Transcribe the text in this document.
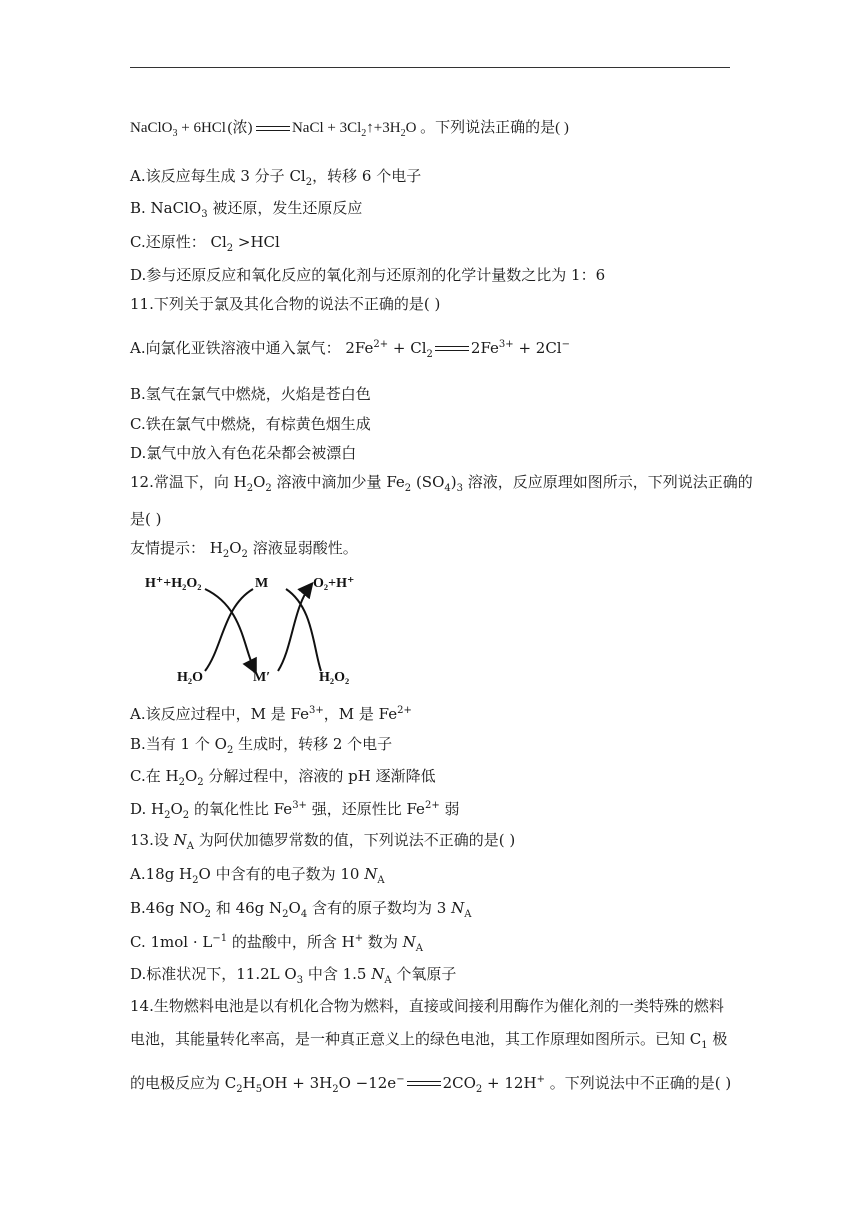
NaClO$_3$ + 6HCl(浓)	NaCl + $3Cl_2↑+3H_2O$ 。下列说法正确的是( )
A.该反应每生成 3 分子 $Cl_2$，转移 6 个电子
B. NaClO$_3$ 被还原，发生还原反应
C.还原性： $Cl_2 >HCl$
D.参与还原反应和氧化反应的氧化剂与还原剂的化学计量数之比为 1：6
11.下列关于氯及其化合物的说法不正确的是( )
A.向氯化亚铁溶液中通入氯气： $2Fe^{2+} + Cl_2$	$2Fe^{3+} + 2Cl^-$
B.氢气在氯气中燃烧，火焰是苍白色
C.铁在氯气中燃烧，有棕黄色烟生成
D.氯气中放入有色花朵都会被漂白
12.常温下，向 $H_2O_2$ 溶液中滴加少量 $Fe_2$ $(SO_4)_3$ 溶液，反应原理如图所示，下列说法正确的
是( )
友情提示： $H_2O_2$ 溶液显弱酸性。
H⁺+H₂O₂	M	O₂+H⁺
H₂O	M′	H₂O₂
A.该反应过程中，M 是 $Fe^{3+}$，M 是 $Fe^{2+}$
B.当有 1 个 $O_2$ 生成时，转移 2 个电子
C.在 $H_2O_2$ 分解过程中，溶液的 pH 逐渐降低
D. $H_2O_2$ 的氧化性比 $Fe^{3+}$ 强，还原性比 $Fe^{2+}$ 弱
13.设 $N_A$ 为阿伏加德罗常数的值，下列说法不正确的是( )
A.18g $H_2O$ 中含有的电子数为 10 $N_A$
B.46g $NO_2$ 和 46g $N_2O_4$ 含有的原子数均为 3 $N_A$
C. $1mol \cdot L^{-1}$ 的盐酸中，所含 H+ 数为 $N_A$
D.标准状况下，11.2L $O_3$ 中含 1.5 $N_A$ 个氧原子
14.生物燃料电池是以有机化合物为燃料，直接或间接利用酶作为催化剂的一类特殊的燃料
电池，其能量转化率高，是一种真正意义上的绿色电池，其工作原理如图所示。已知 $C_1$ 极
的电极反应为 $C_2H_5OH + 3H_2O -12e^-$	$2CO_2 + 12H^+$ 。下列说法中不正确的是( )
